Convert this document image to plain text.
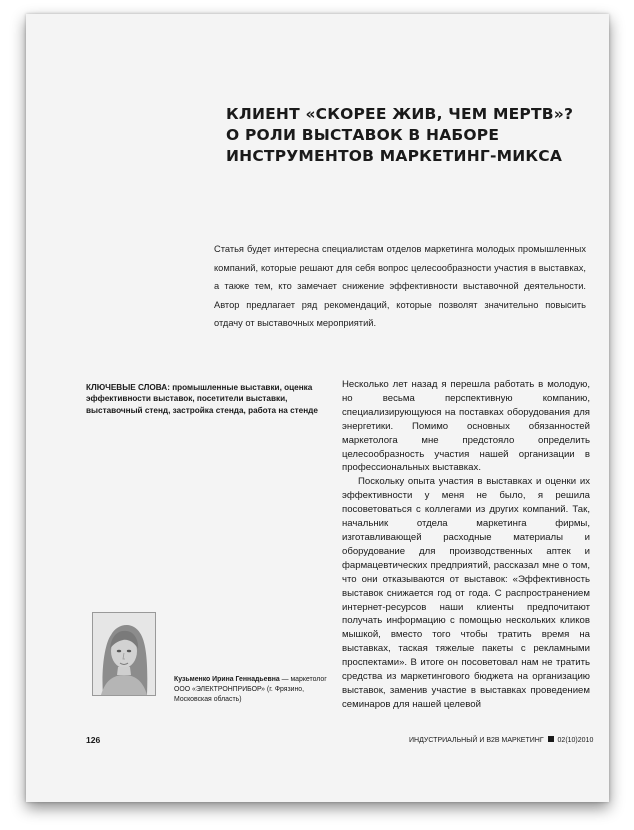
КЛИЕНТ «СКОРЕЕ ЖИВ, ЧЕМ МЕРТВ»?
О РОЛИ ВЫСТАВОК В НАБОРЕ
ИНСТРУМЕНТОВ МАРКЕТИНГ-МИКСА

Статья будет интересна специалистам отделов маркетинга молодых промышленных компаний, которые решают для себя вопрос целесообразности участия в выставках, а также тем, кто замечает снижение эффективности выставочной деятельности. Автор предлагает ряд рекомендаций, которые позволят значительно повысить отдачу от выставочных мероприятий.

КЛЮЧЕВЫЕ СЛОВА: промышленные выставки, оценка эффективности выставок, посетители выставки, выставочный стенд, застройка стенда, работа на стенде

Несколько лет назад я перешла работать в молодую, но весьма перспективную компанию, специализирующуюся на поставках оборудования для энергетики. Помимо основных обязанностей маркетолога мне предстояло определить целесообразность участия нашей организации в профессиональных выставках.

Поскольку опыта участия в выставках и оценки их эффективности у меня не было, я решила посоветоваться с коллегами из других компаний. Так, начальник отдела маркетинга фирмы, изготавливающей расходные материалы и оборудование для производственных аптек и фармацевтических предприятий, рассказал мне о том, что они отказываются от выставок: «Эффективность выставок снижается год от года. С распространением интернет-ресурсов наши клиенты предпочитают получать информацию с помощью нескольких кликов мышкой, вместо того чтобы тратить время на выставках, таская тяжелые пакеты с рекламными проспектами». В итоге он посоветовал нам не тратить средства из маркетингового бюджета на организацию выставок, заменив участие в выставках проведением семинаров для нашей целевой

Кузьменко Ирина Геннадьевна — маркетолог ООО «ЭЛЕКТРОНПРИБОР» (г. Фрязино, Московская область)

126	ИНДУСТРИАЛЬНЫЙ И B2B МАРКЕТИНГ 02(10)2010
